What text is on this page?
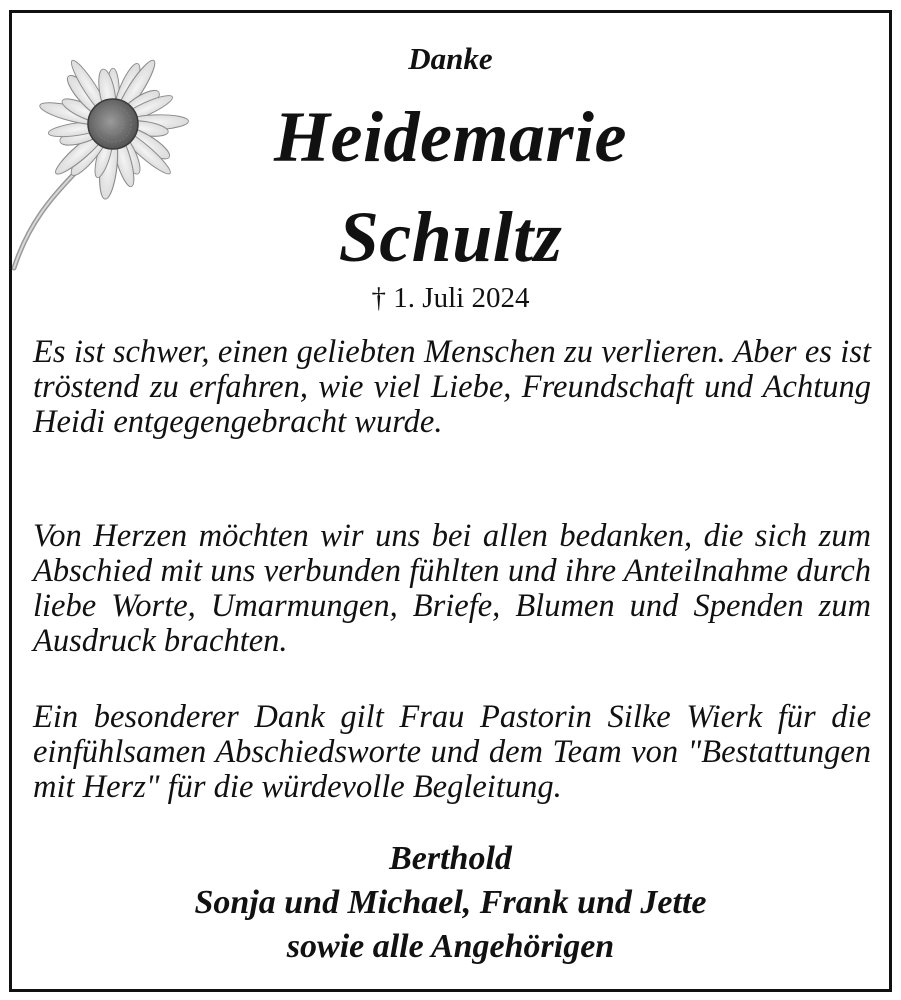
Danke
Heidemarie
Schultz
† 1. Juli 2024
Es ist schwer, einen geliebten Menschen zu verlieren. Aber es ist tröstend zu erfahren, wie viel Liebe, Freundschaft und Achtung Heidi entgegengebracht wurde.
Von Herzen möchten wir uns bei allen bedanken, die sich zum Abschied mit uns verbunden fühlten und ihre Anteilnahme durch liebe Worte, Umarmungen, Briefe, Blumen und Spenden zum Ausdruck brachten.
Ein besonderer Dank gilt Frau Pastorin Silke Wierk für die einfühlsamen Abschiedsworte und dem Team von "Bestattungen mit Herz" für die würdevolle Begleitung.
Berthold
Sonja und Michael, Frank und Jette
sowie alle Angehörigen
